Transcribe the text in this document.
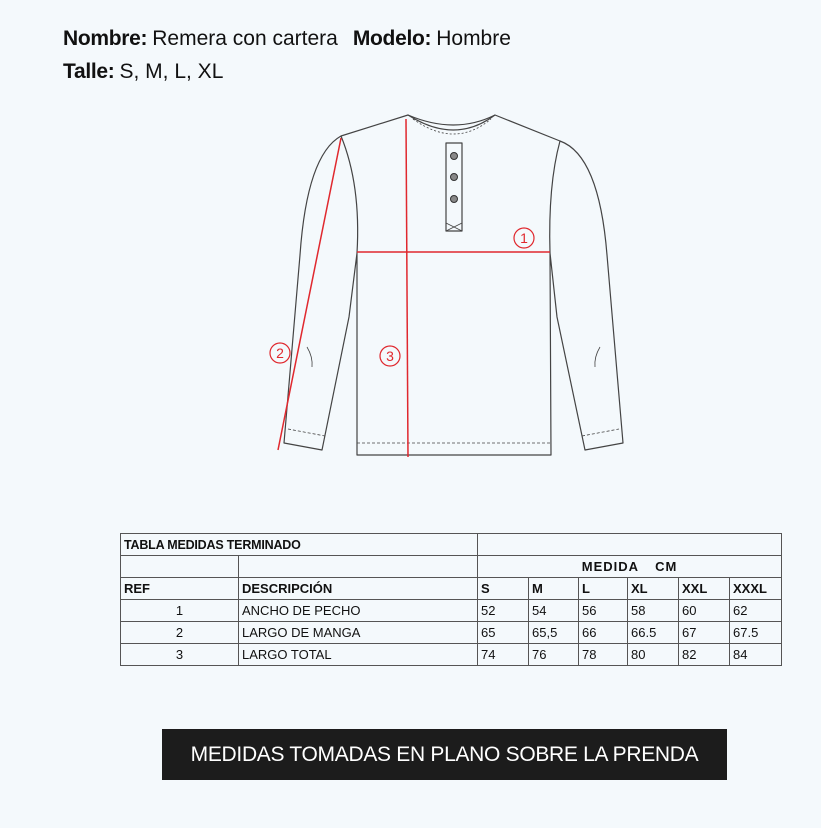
Nombre: Remera con cartera Modelo: Hombre
Talle: S, M, L, XL
1
2	3
TABLA MEDIDAS TERMINADO							
		MEDIDA CM					
REF	DESCRIPCIÓN	S	M	L	XL	XXL	XXXL
1	ANCHO DE PECHO	52	54	56	58	60	62
2	LARGO DE MANGA	65	65,5	66	66.5	67	67.5
3	LARGO TOTAL	74	76	78	80	82	84
MEDIDAS TOMADAS EN PLANO SOBRE LA PRENDA
